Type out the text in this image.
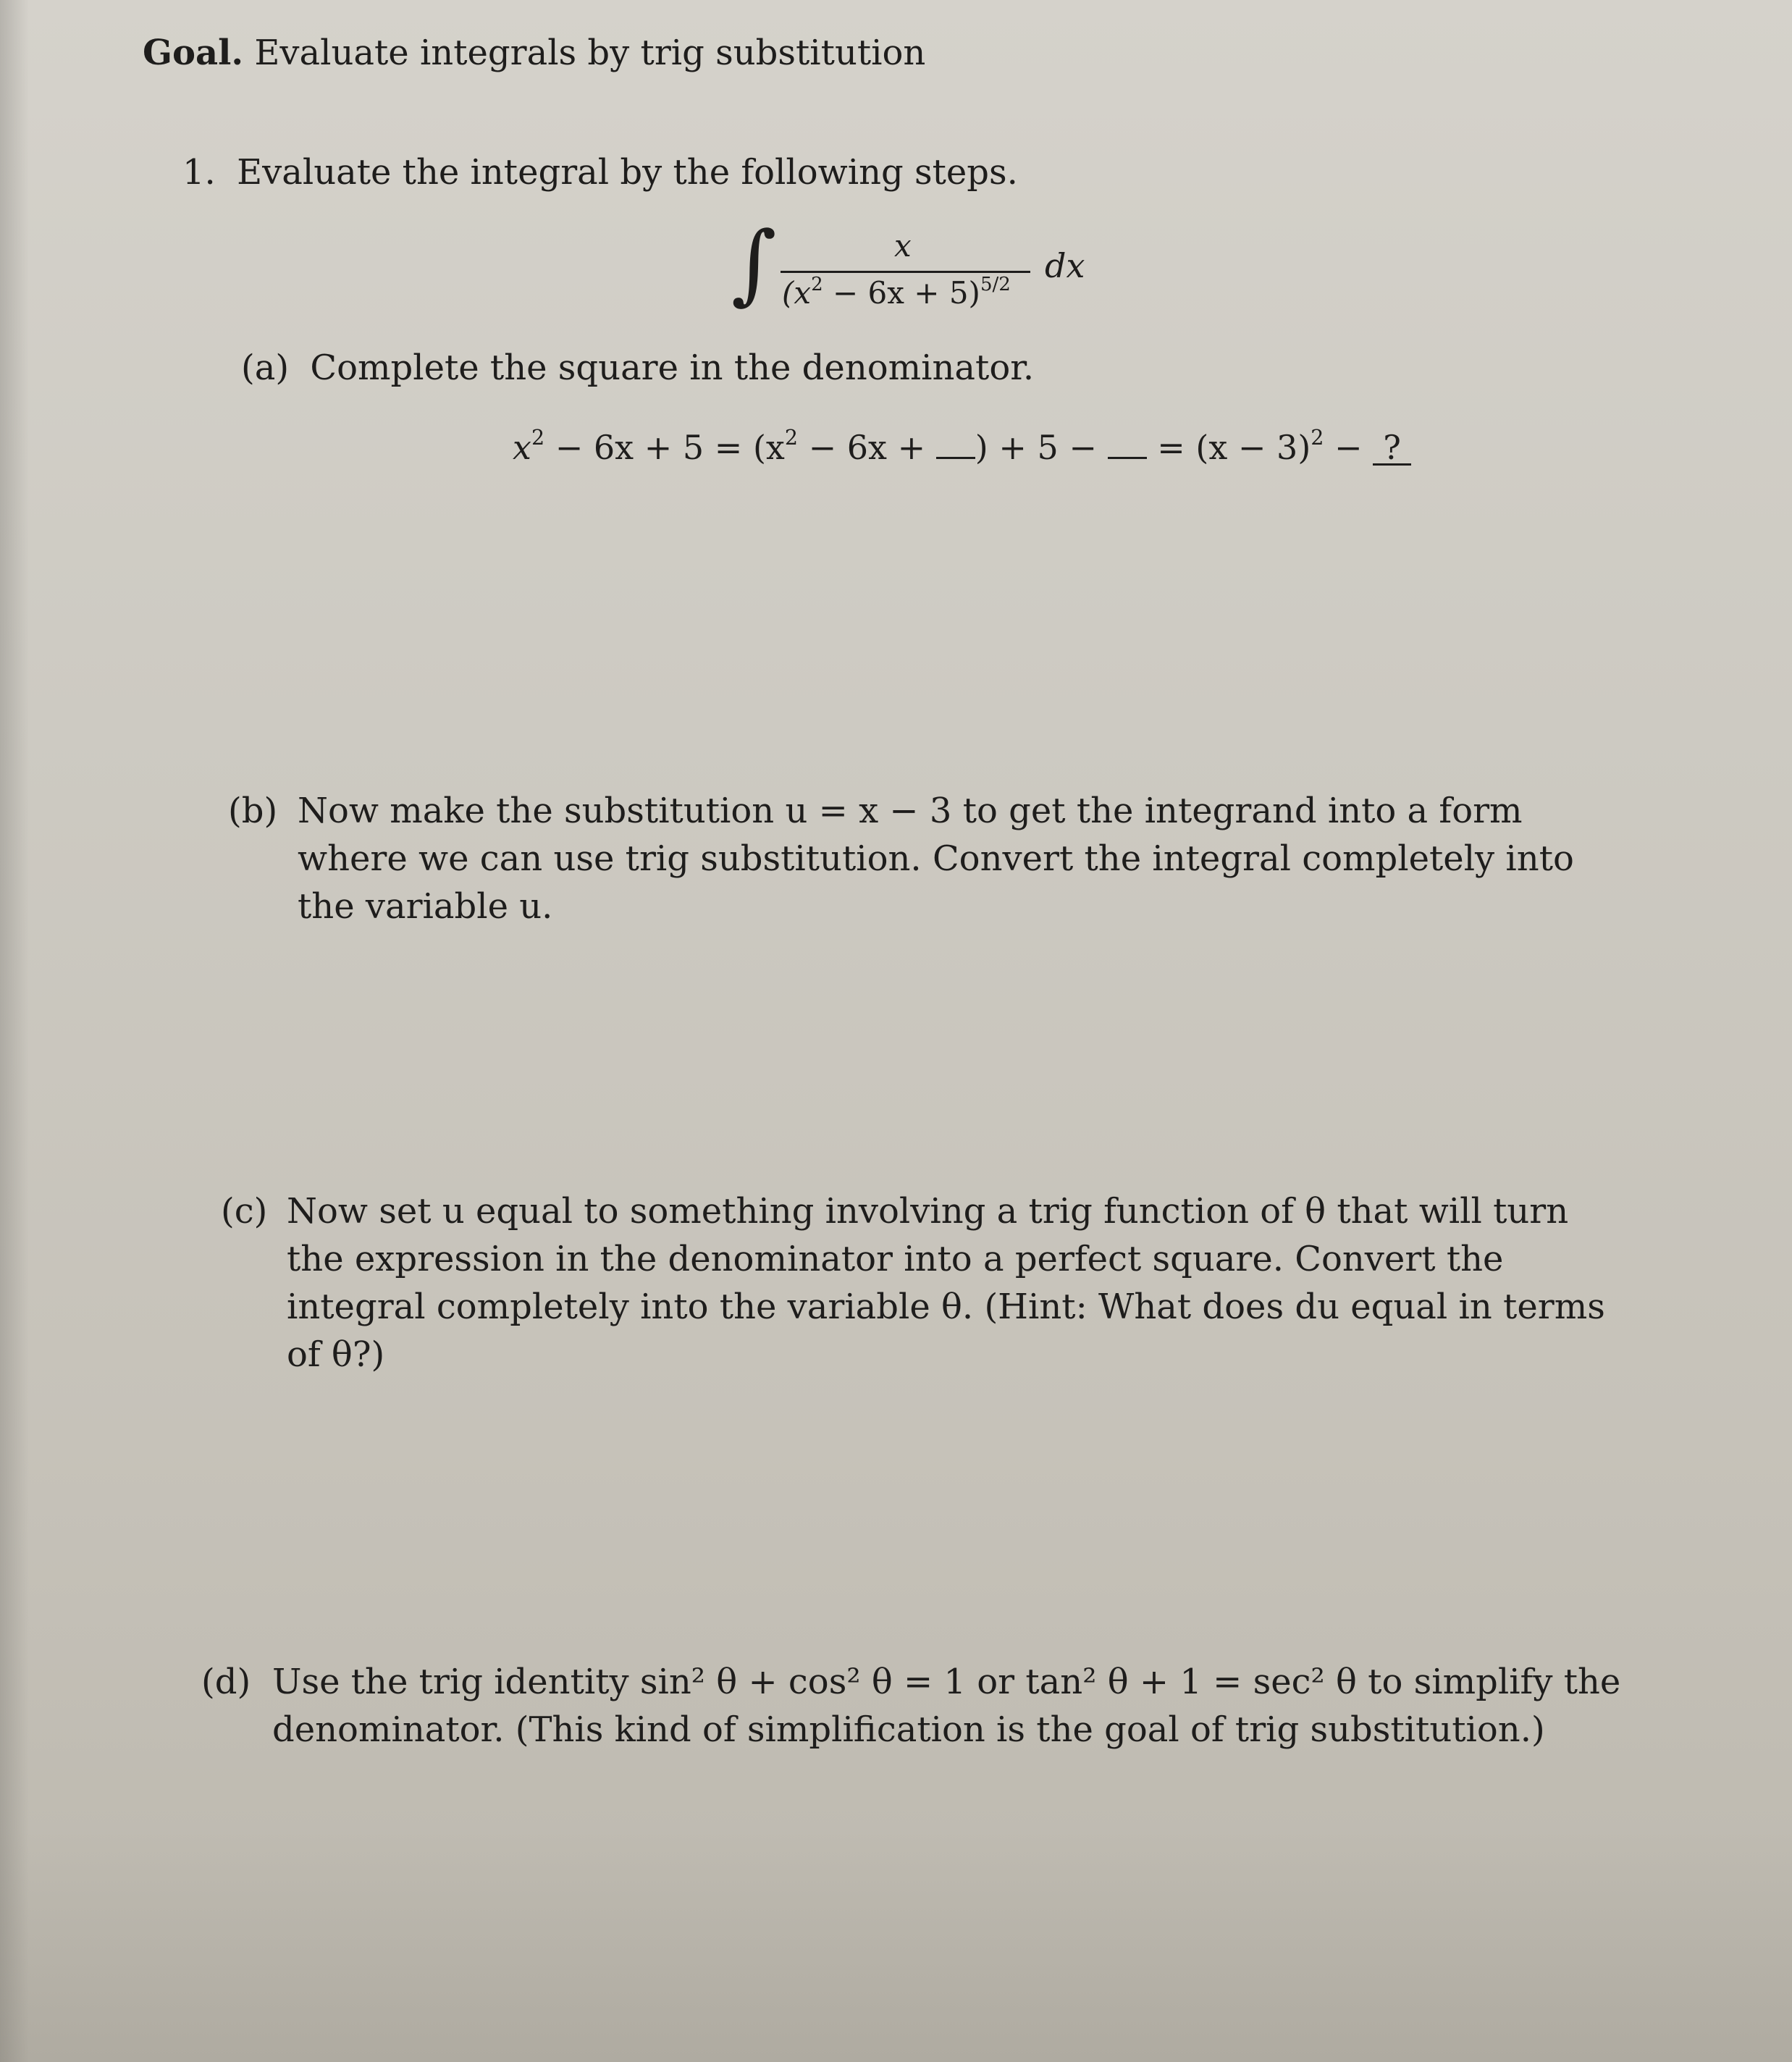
Goal. Evaluate integrals by trig substitution
1. Evaluate the integral by the following steps.
∫	x
$(x^2 - 6x + 5)^{5/2}$ dx
(a) Complete the square in the denominator.
$x^2 - 6x + 5 = (x^2 - 6x$ + ) + 5 −  = $(x - 3)^2$ − ?
(b) Now make the substitution u = x − 3 to get the integrand into a form where we can use trig substitution. Convert the integral completely into the variable u.
(c) Now set u equal to something involving a trig function of θ that will turn the expression in the denominator into a perfect square. Convert the integral completely into the variable θ. (Hint: What does du equal in terms of θ?)
(d) Use the trig identity sin² θ + cos² θ = 1 or tan² θ + 1 = sec² θ to simplify the denominator. (This kind of simplification is the goal of trig substitution.)
